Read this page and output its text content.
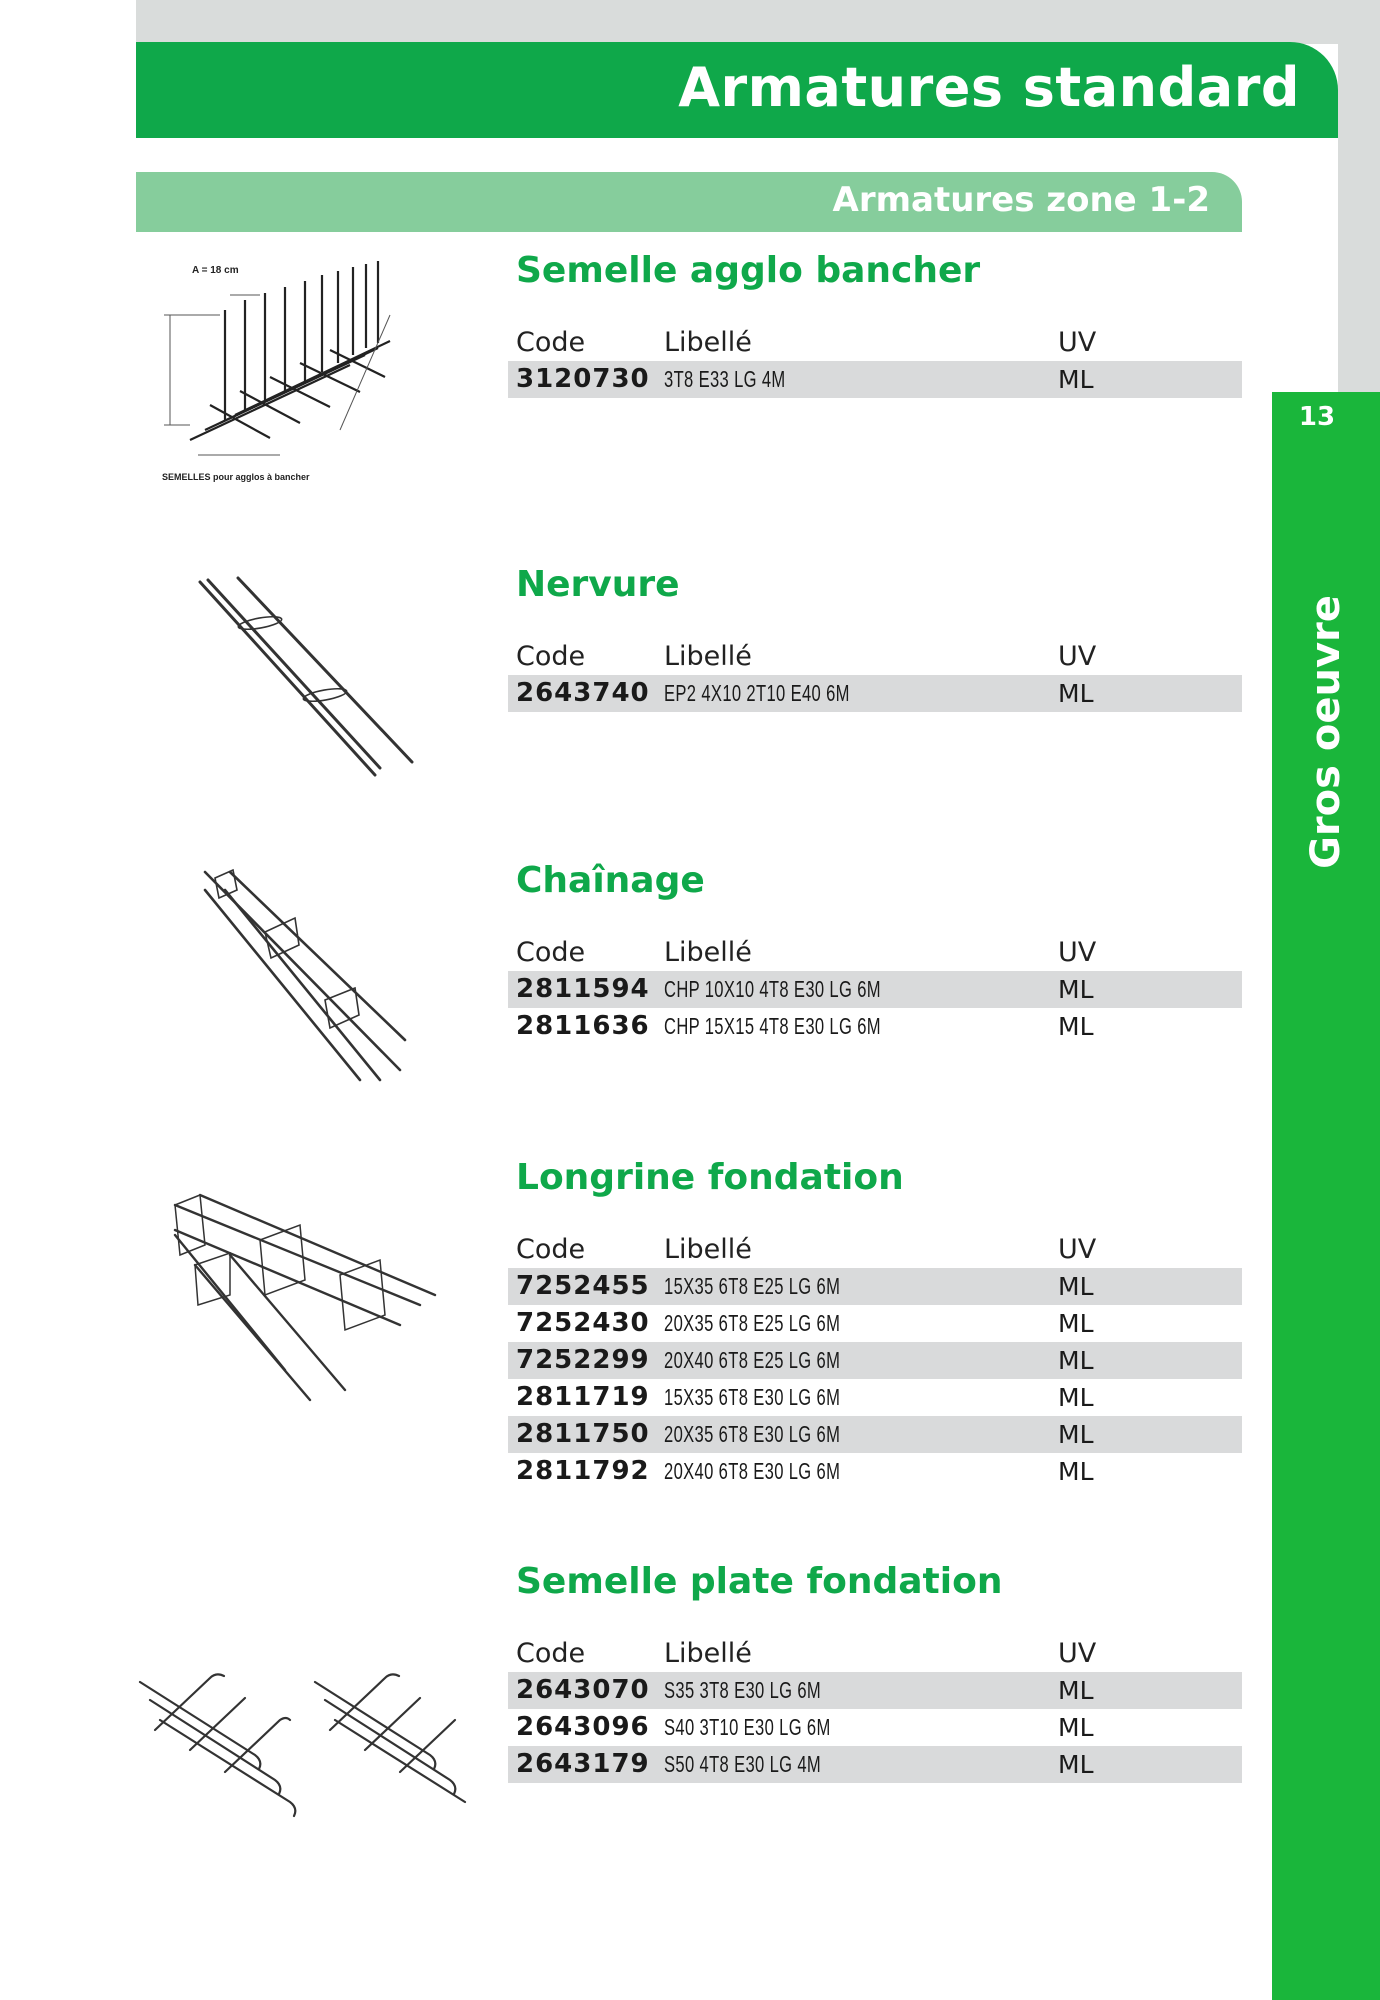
Armatures standard
Armatures zone 1-2
13
Gros oeuvre
A = 18 cm
SEMELLES pour agglos à bancher
Semelle agglo bancher
Code	Libellé	UV
3120730 3T8 E33 LG 4M	ML
Nervure
Code	Libellé	UV
2643740 EP2 4X10 2T10 E40 6M	ML
Chaînage
Code	Libellé	UV
2811594 CHP 10X10 4T8 E30 LG 6M	ML
2811636 CHP 15X15 4T8 E30 LG 6M	ML
Longrine fondation
Code	Libellé	UV
7252455 15X35 6T8 E25 LG 6M	ML
7252430 20X35 6T8 E25 LG 6M	ML
7252299 20X40 6T8 E25 LG 6M	ML
2811719 15X35 6T8 E30 LG 6M	ML
2811750 20X35 6T8 E30 LG 6M	ML
2811792 20X40 6T8 E30 LG 6M	ML
Semelle plate fondation
Code	Libellé	UV
2643070 S35 3T8 E30 LG 6M	ML
2643096 S40 3T10 E30 LG 6M	ML
2643179 S50 4T8 E30 LG 4M	ML
